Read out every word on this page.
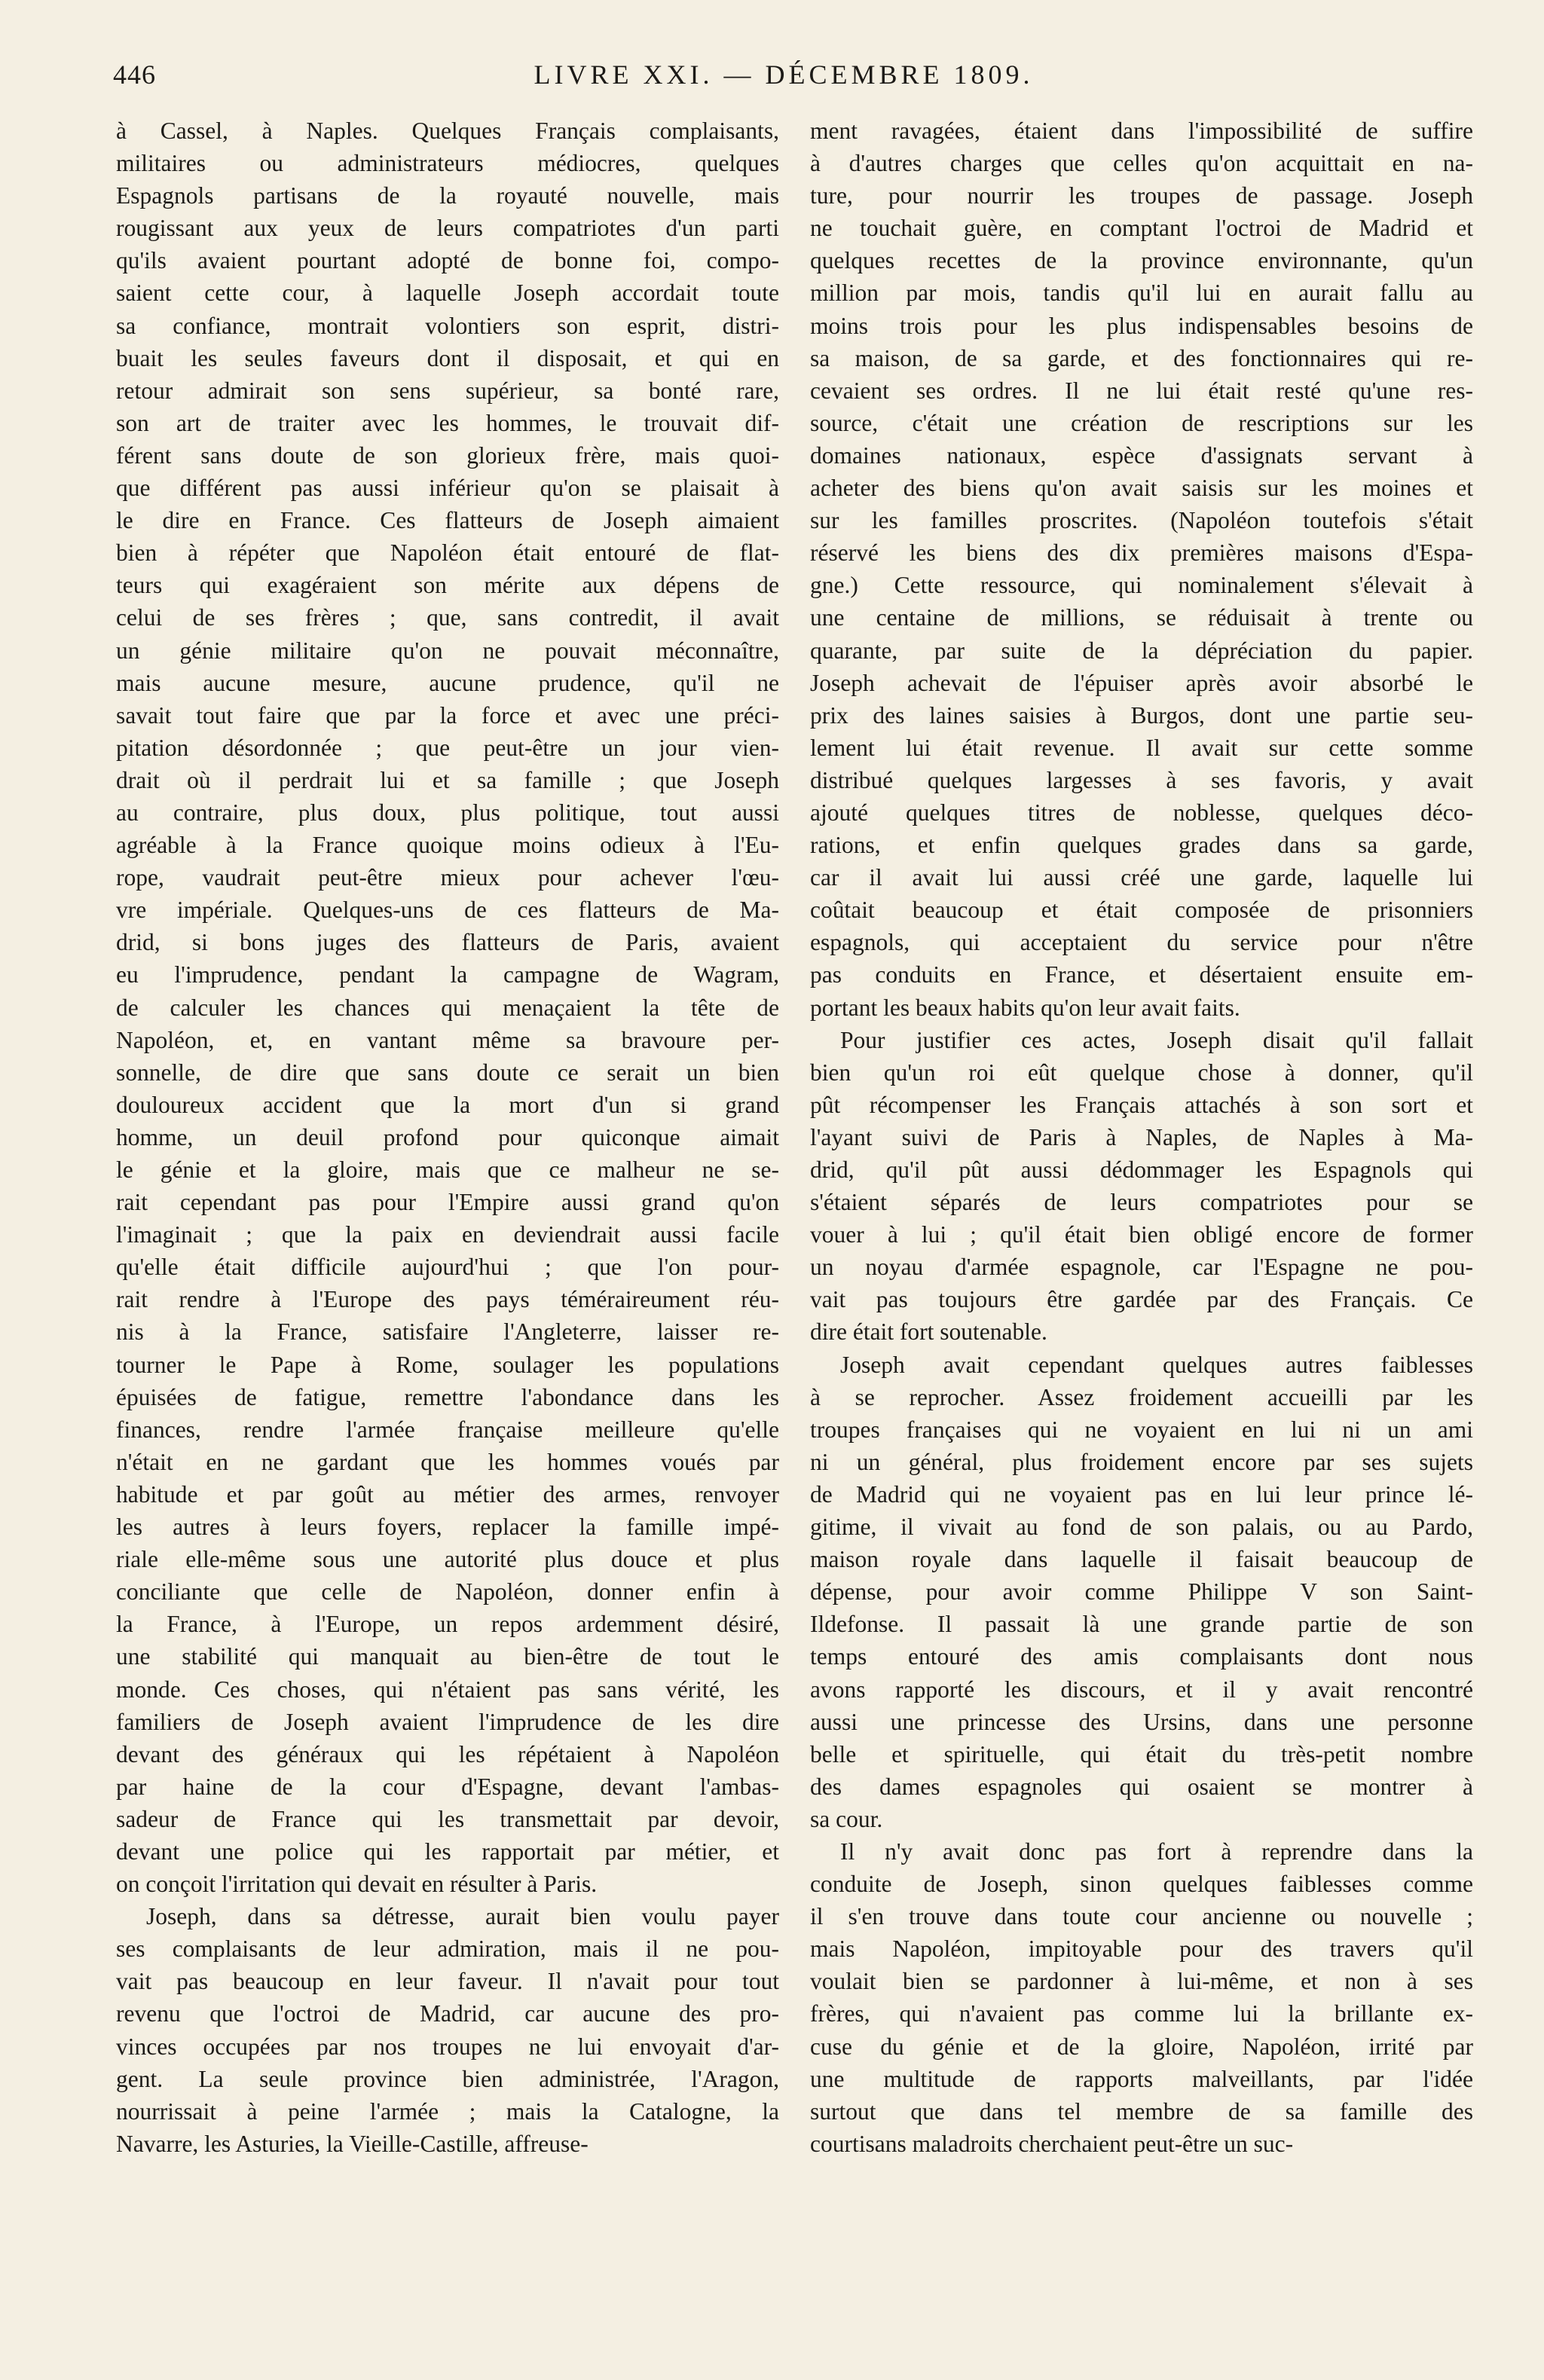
446	LIVRE XXI. — DÉCEMBRE 1809.
à Cassel, à Naples. Quelques Français complaisants,
militaires ou administrateurs médiocres, quelques
Espagnols partisans de la royauté nouvelle, mais
rougissant aux yeux de leurs compatriotes d'un parti
qu'ils avaient pourtant adopté de bonne foi, compo-
saient cette cour, à laquelle Joseph accordait toute
sa confiance, montrait volontiers son esprit, distri-
buait les seules faveurs dont il disposait, et qui en
retour admirait son sens supérieur, sa bonté rare,
son art de traiter avec les hommes, le trouvait dif-
férent sans doute de son glorieux frère, mais quoi-
que différent pas aussi inférieur qu'on se plaisait à
le dire en France. Ces flatteurs de Joseph aimaient
bien à répéter que Napoléon était entouré de flat-
teurs qui exagéraient son mérite aux dépens de
celui de ses frères ; que, sans contredit, il avait
un génie militaire qu'on ne pouvait méconnaître,
mais aucune mesure, aucune prudence, qu'il ne
savait tout faire que par la force et avec une préci-
pitation désordonnée ; que peut-être un jour vien-
drait où il perdrait lui et sa famille ; que Joseph
au contraire, plus doux, plus politique, tout aussi
agréable à la France quoique moins odieux à l'Eu-
rope, vaudrait peut-être mieux pour achever l'œu-
vre impériale. Quelques-uns de ces flatteurs de Ma-
drid, si bons juges des flatteurs de Paris, avaient
eu l'imprudence, pendant la campagne de Wagram,
de calculer les chances qui menaçaient la tête de
Napoléon, et, en vantant même sa bravoure per-
sonnelle, de dire que sans doute ce serait un bien
douloureux accident que la mort d'un si grand
homme, un deuil profond pour quiconque aimait
le génie et la gloire, mais que ce malheur ne se-
rait cependant pas pour l'Empire aussi grand qu'on
l'imaginait ; que la paix en deviendrait aussi facile
qu'elle était difficile aujourd'hui ; que l'on pour-
rait rendre à l'Europe des pays téméraireument réu-
nis à la France, satisfaire l'Angleterre, laisser re-
tourner le Pape à Rome, soulager les populations
épuisées de fatigue, remettre l'abondance dans les
finances, rendre l'armée française meilleure qu'elle
n'était en ne gardant que les hommes voués par
habitude et par goût au métier des armes, renvoyer
les autres à leurs foyers, replacer la famille impé-
riale elle-même sous une autorité plus douce et plus
conciliante que celle de Napoléon, donner enfin à
la France, à l'Europe, un repos ardemment désiré,
une stabilité qui manquait au bien-être de tout le
monde. Ces choses, qui n'étaient pas sans vérité, les
familiers de Joseph avaient l'imprudence de les dire
devant des généraux qui les répétaient à Napoléon
par haine de la cour d'Espagne, devant l'ambas-
sadeur de France qui les transmettait par devoir,
devant une police qui les rapportait par métier, et
on conçoit l'irritation qui devait en résulter à Paris.
Joseph, dans sa détresse, aurait bien voulu payer
ses complaisants de leur admiration, mais il ne pou-
vait pas beaucoup en leur faveur. Il n'avait pour tout
revenu que l'octroi de Madrid, car aucune des pro-
vinces occupées par nos troupes ne lui envoyait d'ar-
gent. La seule province bien administrée, l'Aragon,
nourrissait à peine l'armée ; mais la Catalogne, la
Navarre, les Asturies, la Vieille-Castille, affreuse-
ment ravagées, étaient dans l'impossibilité de suffire
à d'autres charges que celles qu'on acquittait en na-
ture, pour nourrir les troupes de passage. Joseph
ne touchait guère, en comptant l'octroi de Madrid et
quelques recettes de la province environnante, qu'un
million par mois, tandis qu'il lui en aurait fallu au
moins trois pour les plus indispensables besoins de
sa maison, de sa garde, et des fonctionnaires qui re-
cevaient ses ordres. Il ne lui était resté qu'une res-
source, c'était une création de rescriptions sur les
domaines nationaux, espèce d'assignats servant à
acheter des biens qu'on avait saisis sur les moines et
sur les familles proscrites. (Napoléon toutefois s'était
réservé les biens des dix premières maisons d'Espa-
gne.) Cette ressource, qui nominalement s'élevait à
une centaine de millions, se réduisait à trente ou
quarante, par suite de la dépréciation du papier.
Joseph achevait de l'épuiser après avoir absorbé le
prix des laines saisies à Burgos, dont une partie seu-
lement lui était revenue. Il avait sur cette somme
distribué quelques largesses à ses favoris, y avait
ajouté quelques titres de noblesse, quelques déco-
rations, et enfin quelques grades dans sa garde,
car il avait lui aussi créé une garde, laquelle lui
coûtait beaucoup et était composée de prisonniers
espagnols, qui acceptaient du service pour n'être
pas conduits en France, et désertaient ensuite em-
portant les beaux habits qu'on leur avait faits.
Pour justifier ces actes, Joseph disait qu'il fallait
bien qu'un roi eût quelque chose à donner, qu'il
pût récompenser les Français attachés à son sort et
l'ayant suivi de Paris à Naples, de Naples à Ma-
drid, qu'il pût aussi dédommager les Espagnols qui
s'étaient séparés de leurs compatriotes pour se
vouer à lui ; qu'il était bien obligé encore de former
un noyau d'armée espagnole, car l'Espagne ne pou-
vait pas toujours être gardée par des Français. Ce
dire était fort soutenable.
Joseph avait cependant quelques autres faiblesses
à se reprocher. Assez froidement accueilli par les
troupes françaises qui ne voyaient en lui ni un ami
ni un général, plus froidement encore par ses sujets
de Madrid qui ne voyaient pas en lui leur prince lé-
gitime, il vivait au fond de son palais, ou au Pardo,
maison royale dans laquelle il faisait beaucoup de
dépense, pour avoir comme Philippe V son Saint-
Ildefonse. Il passait là une grande partie de son
temps entouré des amis complaisants dont nous
avons rapporté les discours, et il y avait rencontré
aussi une princesse des Ursins, dans une personne
belle et spirituelle, qui était du très-petit nombre
des dames espagnoles qui osaient se montrer à
sa cour.
Il n'y avait donc pas fort à reprendre dans la
conduite de Joseph, sinon quelques faiblesses comme
il s'en trouve dans toute cour ancienne ou nouvelle ;
mais Napoléon, impitoyable pour des travers qu'il
voulait bien se pardonner à lui-même, et non à ses
frères, qui n'avaient pas comme lui la brillante ex-
cuse du génie et de la gloire, Napoléon, irrité par
une multitude de rapports malveillants, par l'idée
surtout que dans tel membre de sa famille des
courtisans maladroits cherchaient peut-être un suc-
